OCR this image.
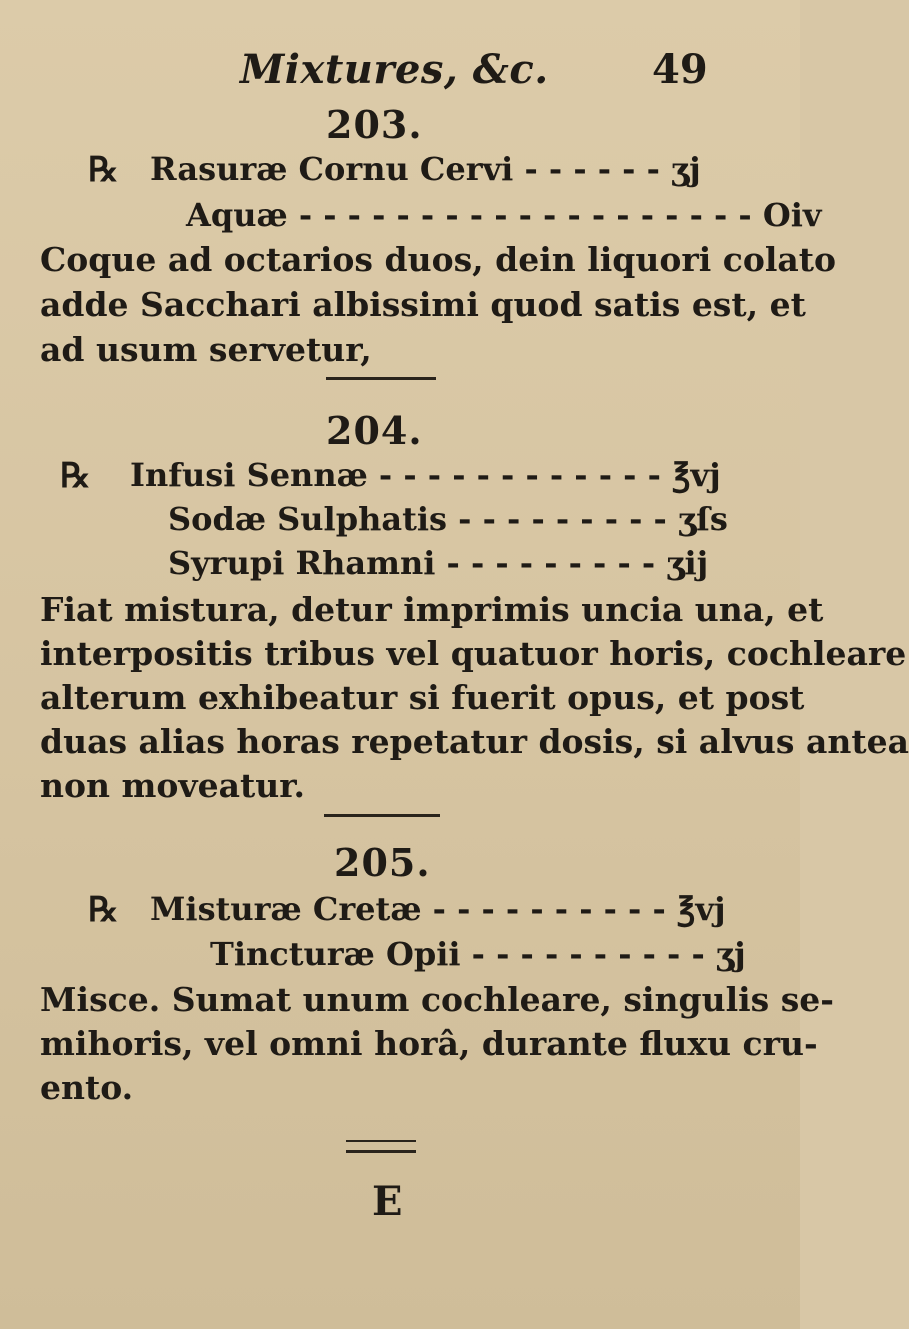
Mixtures, &c.	49
203.
℞ Rasuræ Cornu Cervi - - - - - - ʒj
Aquæ - - - - - - - - - - - - - - - - - - - Oiv
Coque ad octarios duos, dein liquori colato
adde Sacchari albissimi quod satis est, et
ad usum servetur,
204.
℞ Infusi Sennæ - - - - - - - - - - - - ℥vj
Sodæ Sulphatis - - - - - - - - - ʒſs
Syrupi Rhamni - - - - - - - - - ʒij
Fiat mistura, detur imprimis uncia una, et
interpositis tribus vel quatuor horis, cochleare
alterum exhibeatur si fuerit opus, et post
duas alias horas repetatur dosis, si alvus antea
non moveatur.
205.
℞ Misturæ Cretæ - - - - - - - - - - ℥vj
Tincturæ Opii - - - - - - - - - - ʒj
Misce. Sumat unum cochleare, singulis se-
mihoris, vel omni horâ, durante fluxu cru-
ento.
E
